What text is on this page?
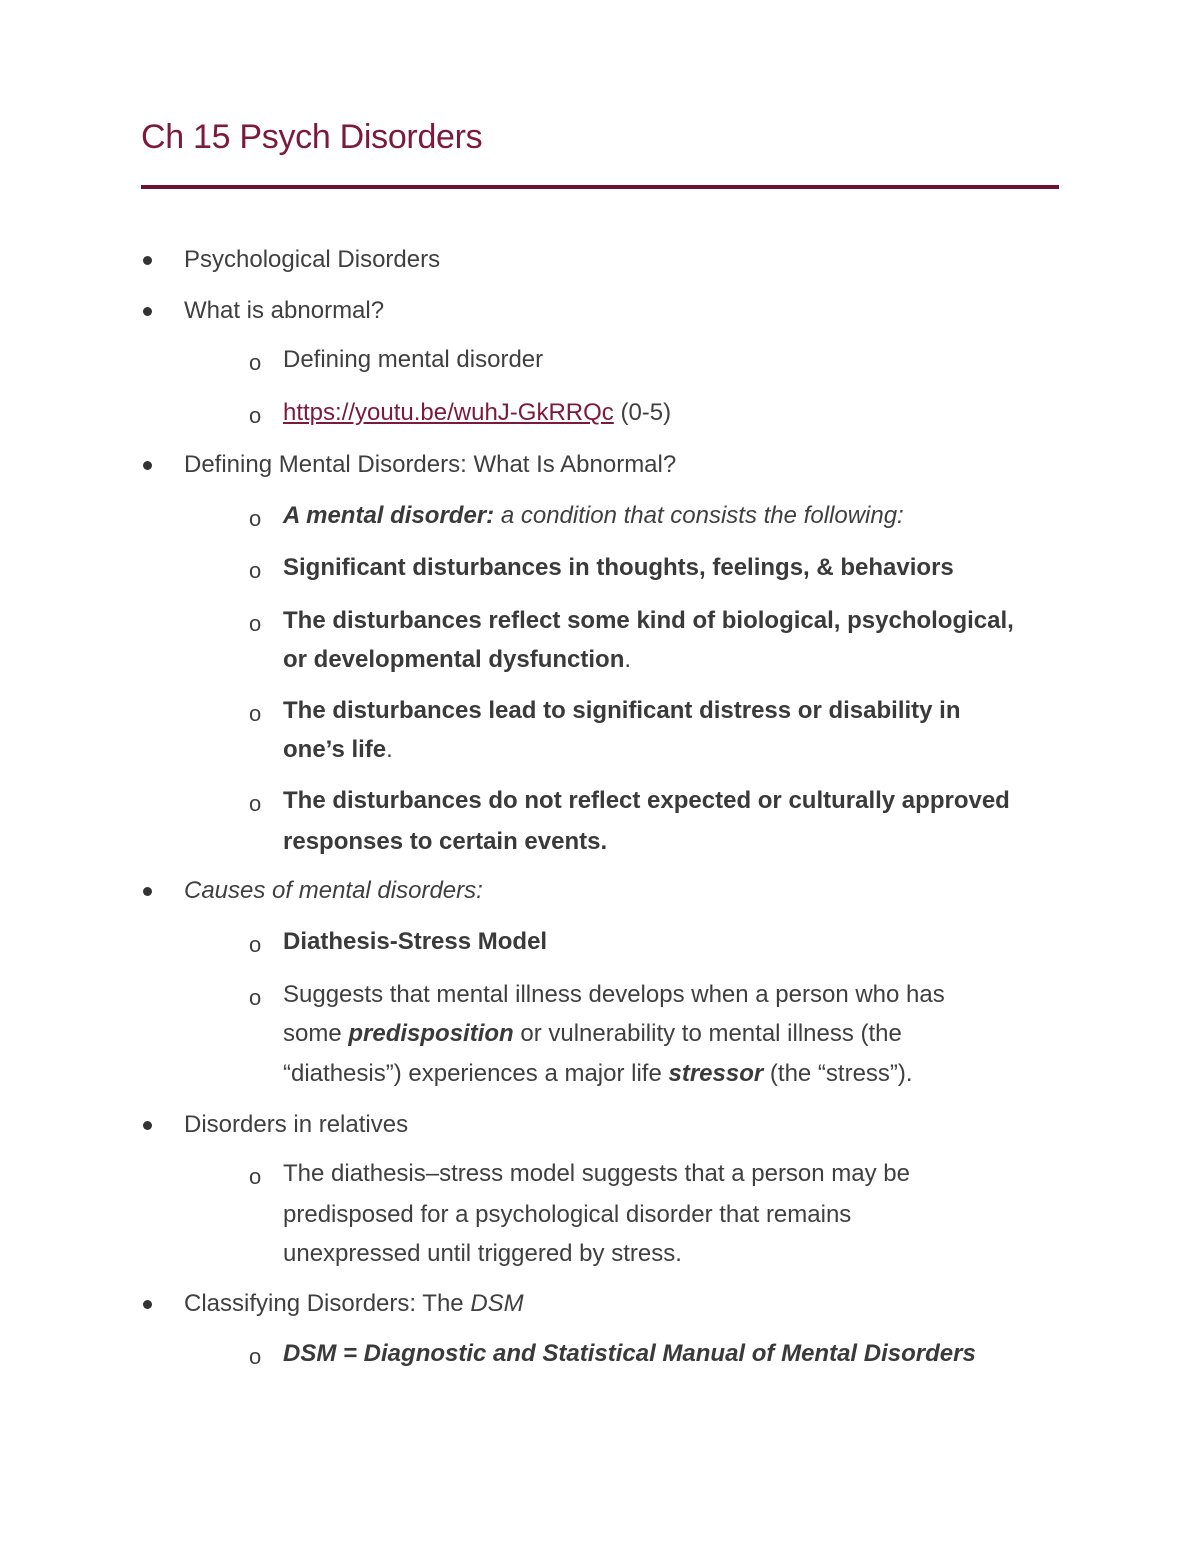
Ch 15 Psych Disorders
Psychological Disorders
What is abnormal?
o Defining mental disorder
o https://youtu.be/wuhJ-GkRRQc (0-5)
Defining Mental Disorders: What Is Abnormal?
o A mental disorder: a condition that consists the following:
o Significant disturbances in thoughts, feelings, & behaviors
o The disturbances reflect some kind of biological, psychological,
or developmental dysfunction.
o The disturbances lead to significant distress or disability in
one’s life.
o The disturbances do not reflect expected or culturally approved
responses to certain events.
Causes of mental disorders:
o Diathesis-Stress Model
o Suggests that mental illness develops when a person who has
some predisposition or vulnerability to mental illness (the
“diathesis”) experiences a major life stressor (the “stress”).
Disorders in relatives
o The diathesis–stress model suggests that a person may be
predisposed for a psychological disorder that remains
unexpressed until triggered by stress.
Classifying Disorders: The DSM
o DSM = Diagnostic and Statistical Manual of Mental Disorders
